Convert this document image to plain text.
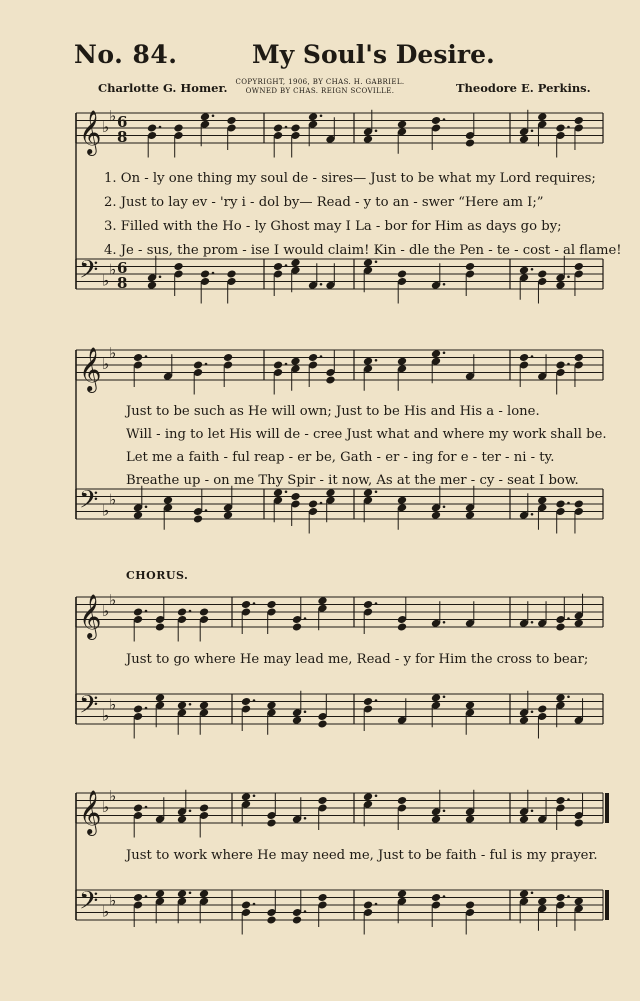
No. 84.	My Soul's Desire.
Charlotte G. Homer.	COPYRIGHT, 1906, BY CHAS. H. GABRIEL.
OWNED BY CHAS. REIGN SCOVILLE.	Theodore E. Perkins.
𝄞 ♭
♭ 6
8
𝄢 ♭
♭ 6
8
𝄞 ♭
♭
𝄢 ♭
♭
𝄞 ♭
♭
𝄢 ♭
♭
𝄞 ♭
♭
𝄢 ♭
♭
1. On - ly one thing my soul de - sires— Just to be what my Lord requires;
2. Just to lay ev - 'ry i - dol by— Read - y to an - swer “Here am I;”
3. Filled with the Ho - ly Ghost may I La - bor for Him as days go by;
4. Je - sus, the prom - ise I would claim! Kin - dle the Pen - te - cost - al flame!
Just to be such as He will own; Just to be His and His a - lone.
Will - ing to let His will de - cree Just what and where my work shall be.
Let me a faith - ful reap - er be, Gath - er - ing for e - ter - ni - ty.
Breathe up - on me Thy Spir - it now, As at the mer - cy - seat I bow.
CHORUS.
Just to go where He may lead me, Read - y for Him the cross to bear;
Just to work where He may need me, Just to be faith - ful is my prayer.
